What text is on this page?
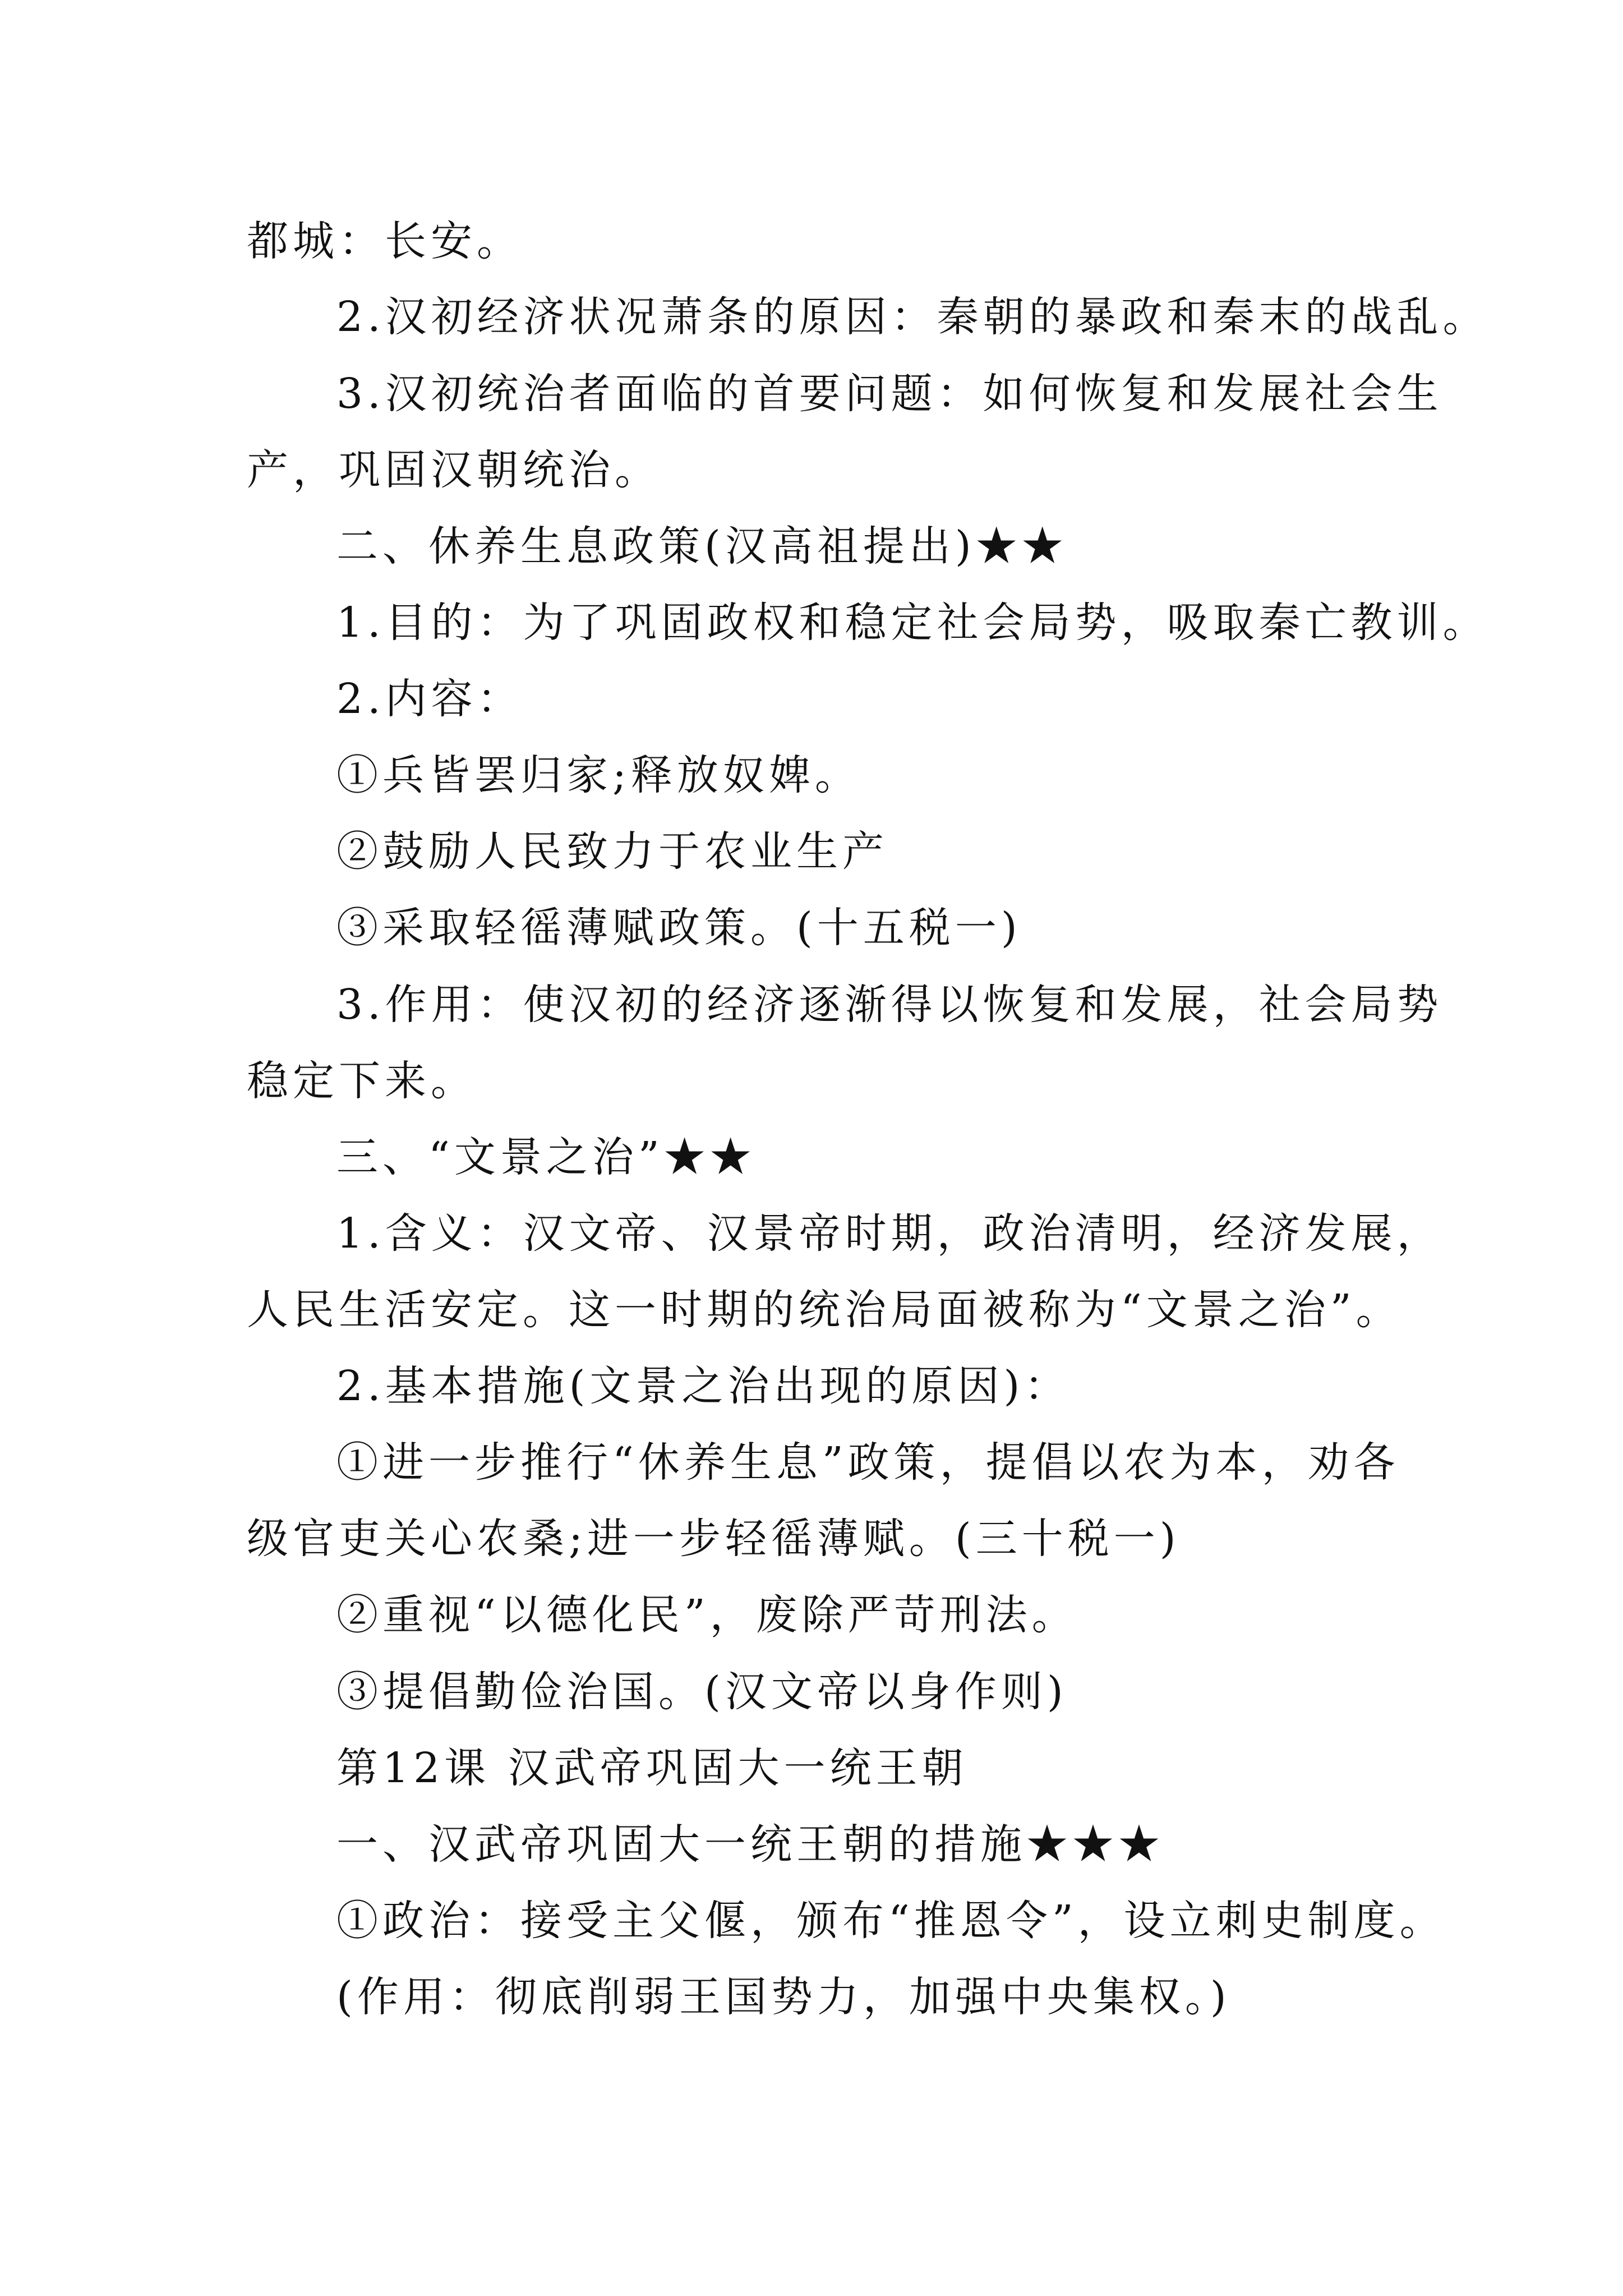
都城：长安。
2.汉初经济状况萧条的原因：秦朝的暴政和秦末的战乱。
3.汉初统治者面临的首要问题：如何恢复和发展社会生
产，巩固汉朝统治。
二、休养生息政策(汉高祖提出)★★
1.目的：为了巩固政权和稳定社会局势，吸取秦亡教训。
2.内容：
①兵皆罢归家;释放奴婢。
②鼓励人民致力于农业生产
③采取轻徭薄赋政策。(十五税一)
3.作用：使汉初的经济逐渐得以恢复和发展，社会局势
稳定下来。
三、“文景之治”★★
1.含义：汉文帝、汉景帝时期，政治清明，经济发展，
人民生活安定。这一时期的统治局面被称为“文景之治”。
2.基本措施(文景之治出现的原因)：
①进一步推行“休养生息”政策，提倡以农为本，劝各
级官吏关心农桑;进一步轻徭薄赋。(三十税一)
②重视“以德化民”，废除严苛刑法。
③提倡勤俭治国。(汉文帝以身作则)
第12课 汉武帝巩固大一统王朝
一、汉武帝巩固大一统王朝的措施★★★
①政治：接受主父偃，颁布“推恩令”，设立刺史制度。
(作用：彻底削弱王国势力，加强中央集权。)
